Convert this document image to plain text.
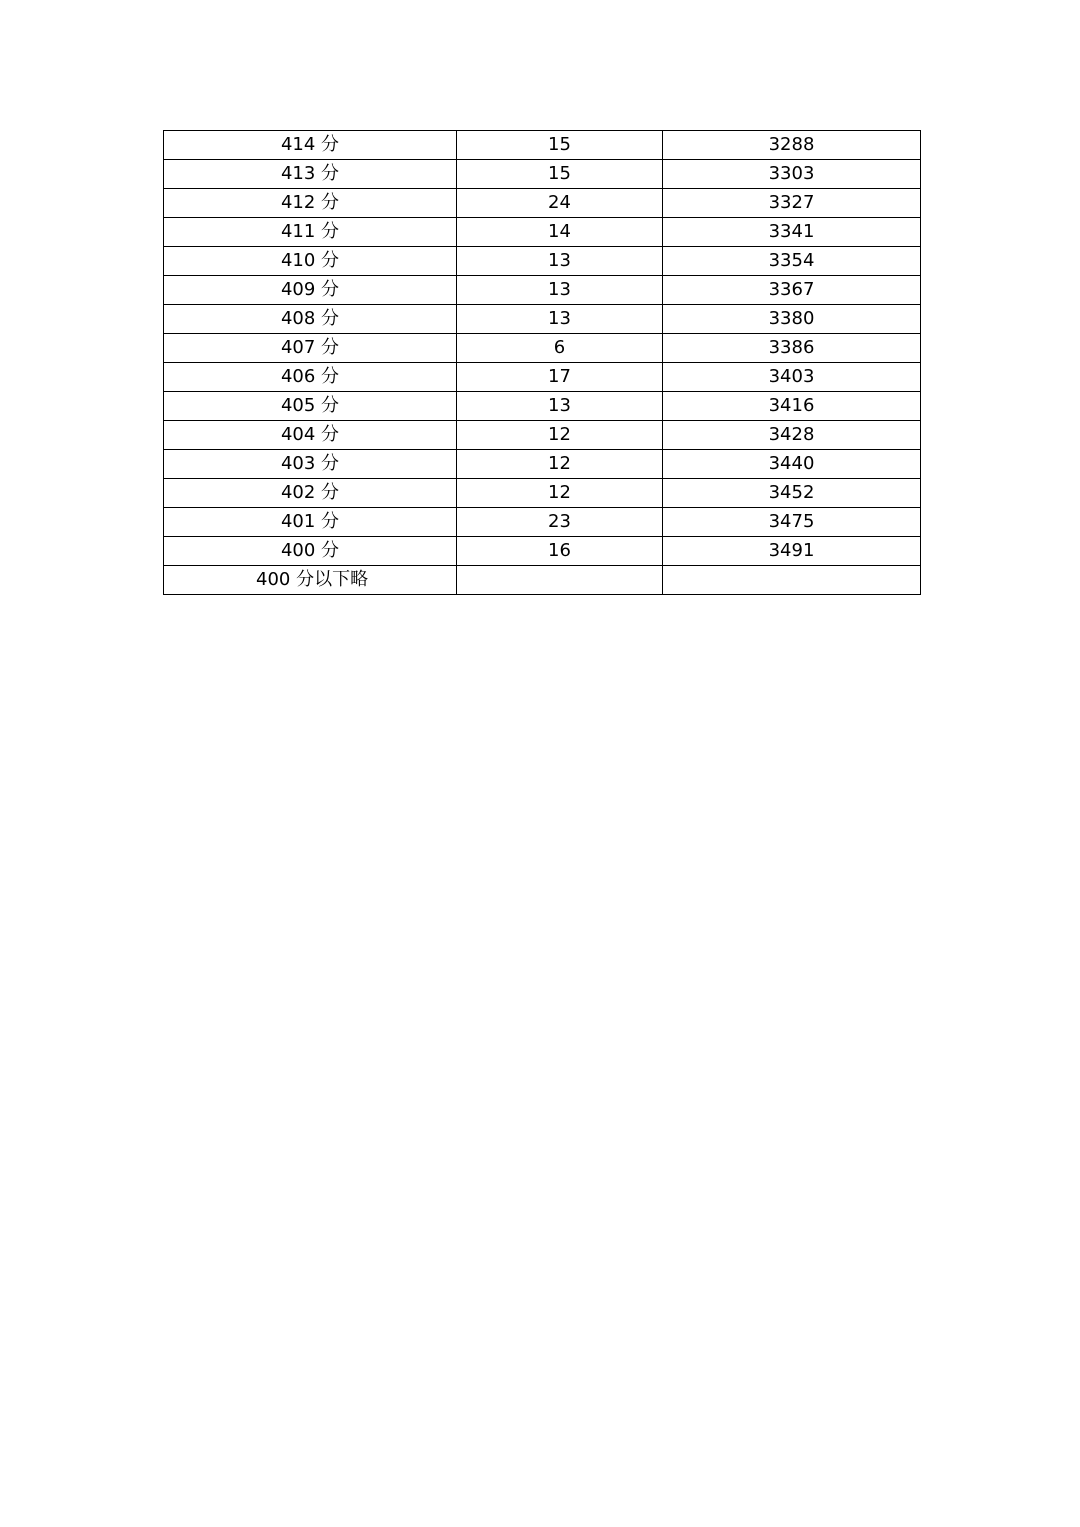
414 分	15	3288
413 分	15	3303
412 分	24	3327
411 分	14	3341
410 分	13	3354
409 分	13	3367
408 分	13	3380
407 分	6	3386
406 分	17	3403
405 分	13	3416
404 分	12	3428
403 分	12	3440
402 分	12	3452
401 分	23	3475
400 分	16	3491
400 分以下略		
